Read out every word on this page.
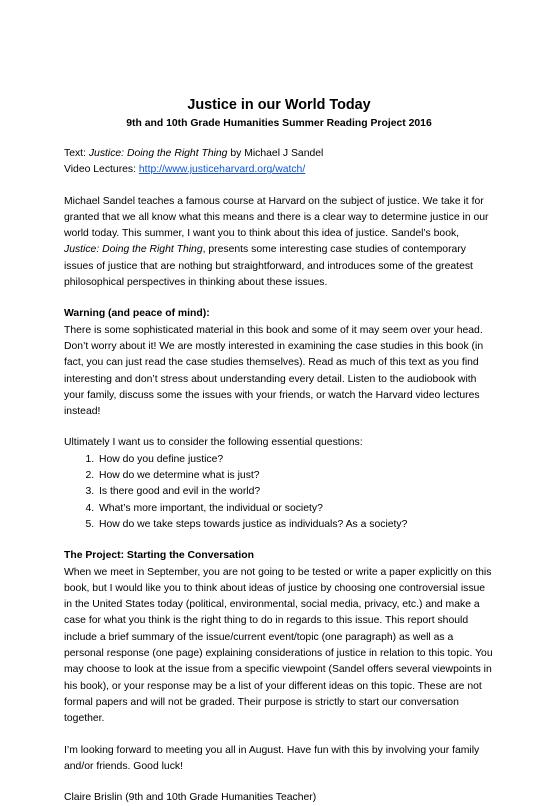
Justice in our World Today
9th and 10th Grade Humanities Summer Reading Project 2016

Text: Justice: Doing the Right Thing by Michael J Sandel

Video Lectures: http://www.justiceharvard.org/watch/

Michael Sandel teaches a famous course at Harvard on the subject of justice. We take it for granted that we all know what this means and there is a clear way to determine justice in our world today. This summer, I want you to think about this idea of justice. Sandel’s book, Justice: Doing the Right Thing, presents some interesting case studies of contemporary issues of justice that are nothing but straightforward, and introduces some of the greatest philosophical perspectives in thinking about these issues.

Warning (and peace of mind):

There is some sophisticated material in this book and some of it may seem over your head. Don’t worry about it! We are mostly interested in examining the case studies in this book (in fact, you can just read the case studies themselves). Read as much of this text as you find interesting and don’t stress about understanding every detail. Listen to the audiobook with your family, discuss some the issues with your friends, or watch the Harvard video lectures instead!

Ultimately I want us to consider the following essential questions:

1. How do you define justice?
2. How do we determine what is just?
3. Is there good and evil in the world?
4. What’s more important, the individual or society?
5. How do we take steps towards justice as individuals? As a society?

The Project: Starting the Conversation

When we meet in September, you are not going to be tested or write a paper explicitly on this book, but I would like you to think about ideas of justice by choosing one controversial issue in the United States today (political, environmental, social media, privacy, etc.) and make a case for what you think is the right thing to do in regards to this issue. This report should include a brief summary of the issue/current event/topic (one paragraph) as well as a personal response (one page) explaining considerations of justice in relation to this topic. You may choose to look at the issue from a specific viewpoint (Sandel offers several viewpoints in his book), or your response may be a list of your different ideas on this topic. These are not formal papers and will not be graded. Their purpose is strictly to start our conversation together.

I’m looking forward to meeting you all in August. Have fun with this by involving your family and/or friends. Good luck!

Claire Brislin (9th and 10th Grade Humanities Teacher)
